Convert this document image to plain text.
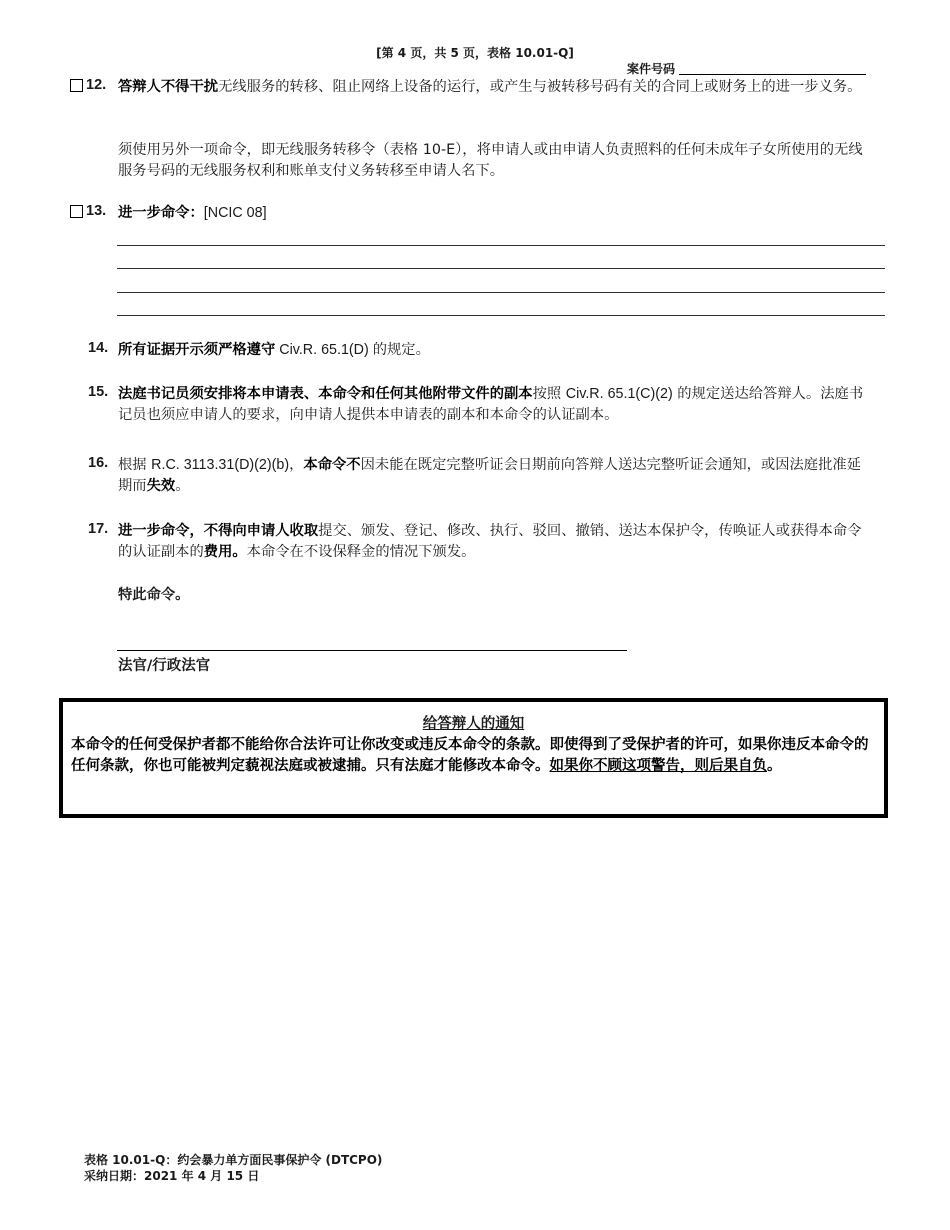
[第 4 页，共 5 页，表格 10.01-Q]
案件号码
12. 答辩人不得干扰无线服务的转移、阻止网络上设备的运行，或产生与被转移号码有关的合同上或财务上的进一步义务。
须使用另外一项命令，即无线服务转移令（表格 10-E），将申请人或由申请人负责照料的任何未成年子女所使用的无线服务号码的无线服务权利和账单支付义务转移至申请人名下。
13. 进一步命令：[NCIC 08]
14. 所有证据开示须严格遵守 Civ.R. 65.1(D) 的规定。
15. 法庭书记员须安排将本申请表、本命令和任何其他附带文件的副本按照 Civ.R. 65.1(C)(2) 的规定送达给答辩人。法庭书记员也须应申请人的要求，向申请人提供本申请表的副本和本命令的认证副本。
16. 根据 R.C. 3113.31(D)(2)(b)，本命令不因未能在既定完整听证会日期前向答辩人送达完整听证会通知，或因法庭批准延期而失效。
17. 进一步命令，不得向申请人收取提交、颁发、登记、修改、执行、驳回、撤销、送达本保护令，传唤证人或获得本命令的认证副本的费用。本命令在不设保释金的情况下颁发。
特此命令。
法官/行政法官
给答辩人的通知
本命令的任何受保护者都不能给你合法许可让你改变或违反本命令的条款。即使得到了受保护者的许可，如果你违反本命令的任何条款，你也可能被判定藐视法庭或被逮捕。只有法庭才能修改本命令。如果你不顾这项警告，则后果自负。
表格 10.01-Q：约会暴力单方面民事保护令 (DTCPO)
采纳日期：2021 年 4 月 15 日
